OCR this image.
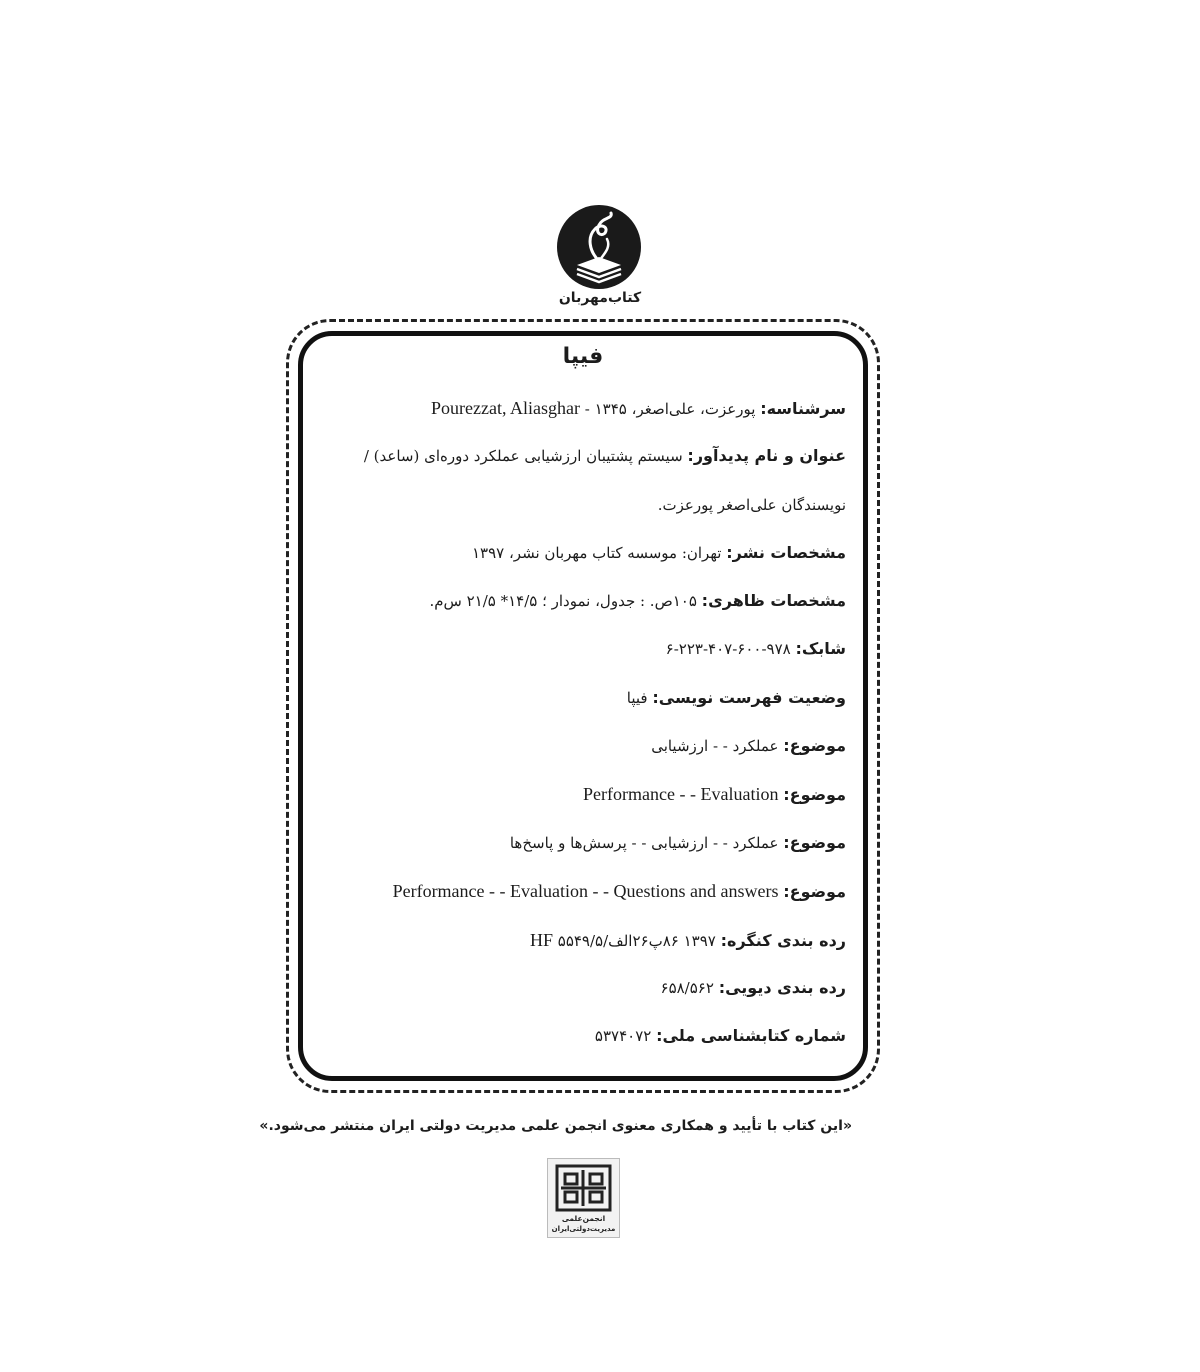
کتاب‌مهربان
فیپا
سرشناسه: پورعزت، علی‌اصغر، ۱۳۴۵ - Pourezzat, Aliasghar
عنوان و نام پدیدآور: سیستم پشتیبان ارزشیابی عملکرد دوره‌ای (ساعد) /
نویسندگان علی‌اصغر پورعزت.
مشخصات نشر: تهران: موسسه کتاب مهربان نشر، ۱۳۹۷
مشخصات ظاهری: ۱۰۵ص. : جدول، نمودار ؛ ۱۴/۵* ۲۱/۵ س‌م.
شابک: ۹۷۸-۶۰۰-۴۰۷-۲۲۳-۶
وضعیت فهرست نویسی: فیپا
موضوع: عملکرد - - ارزشیابی
موضوع: Performance - - Evaluation
موضوع: عملکرد - - ارزشیابی - - پرسش‌ها و پاسخ‌ها
موضوع: Performance - - Evaluation - - Questions and answers
رده بندی کنگره: ۱۳۹۷ ۸۶پ۲۶الف/۵۵۴۹/۵ HF
رده بندی دیویی: ۶۵۸/۵۶۲
شماره کتابشناسی ملی: ۵۳۷۴۰۷۲
«این کتاب با تأیید و همکاری معنوی انجمن علمی مدیریت دولتی ایران منتشر می‌شود.»
انجمن‌علمی
مدیریت‌دولتی‌ایران
